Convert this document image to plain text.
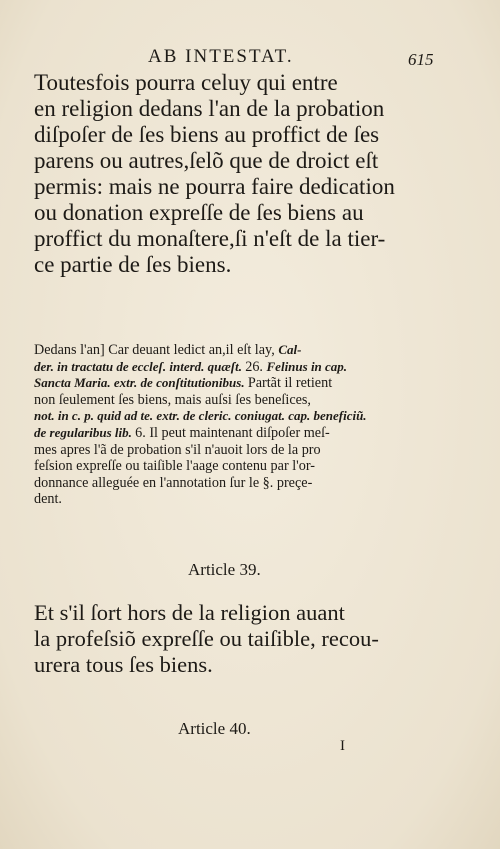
AB INTESTAT.	615
Toutesfois pourra celuy qui entre
en religion dedans l'an de la probation
diſpoſer de ſes biens au proffict de ſes
parens ou autres,ſelõ que de droict eſt
permis: mais ne pourra faire dedication
ou donation expreſſe de ſes biens au
proffict du monaſtere,ſi n'eſt de la tier-
ce partie de ſes biens.
Dedans l'an] Car deuant ledict an,il eſt lay, Cal-
der. in tractatu de eccleſ. interd. quæſt. 26. Felinus in cap.
Sancta Maria. extr. de conſtitutionibus. Partãt il retient
non ſeulement ſes biens, mais auſsi ſes beneſices,
not. in c. p. quid ad te. extr. de cleric. coniugat. cap. beneficiũ.
de regularibus lib. 6. Il peut maintenant diſpoſer meſ-
mes apres l'ã de probation s'il n'auoit lors de la pro
feſsion expreſſe ou taiſible l'aage contenu par l'or-
donnance alleguée en l'annotation ſur le §. preçe-
dent.
Article 39.
Et s'il ſort hors de la religion auant
la profeſsiõ expreſſe ou taiſible, recou-
urera tous ſes biens.
Article 40.
I
